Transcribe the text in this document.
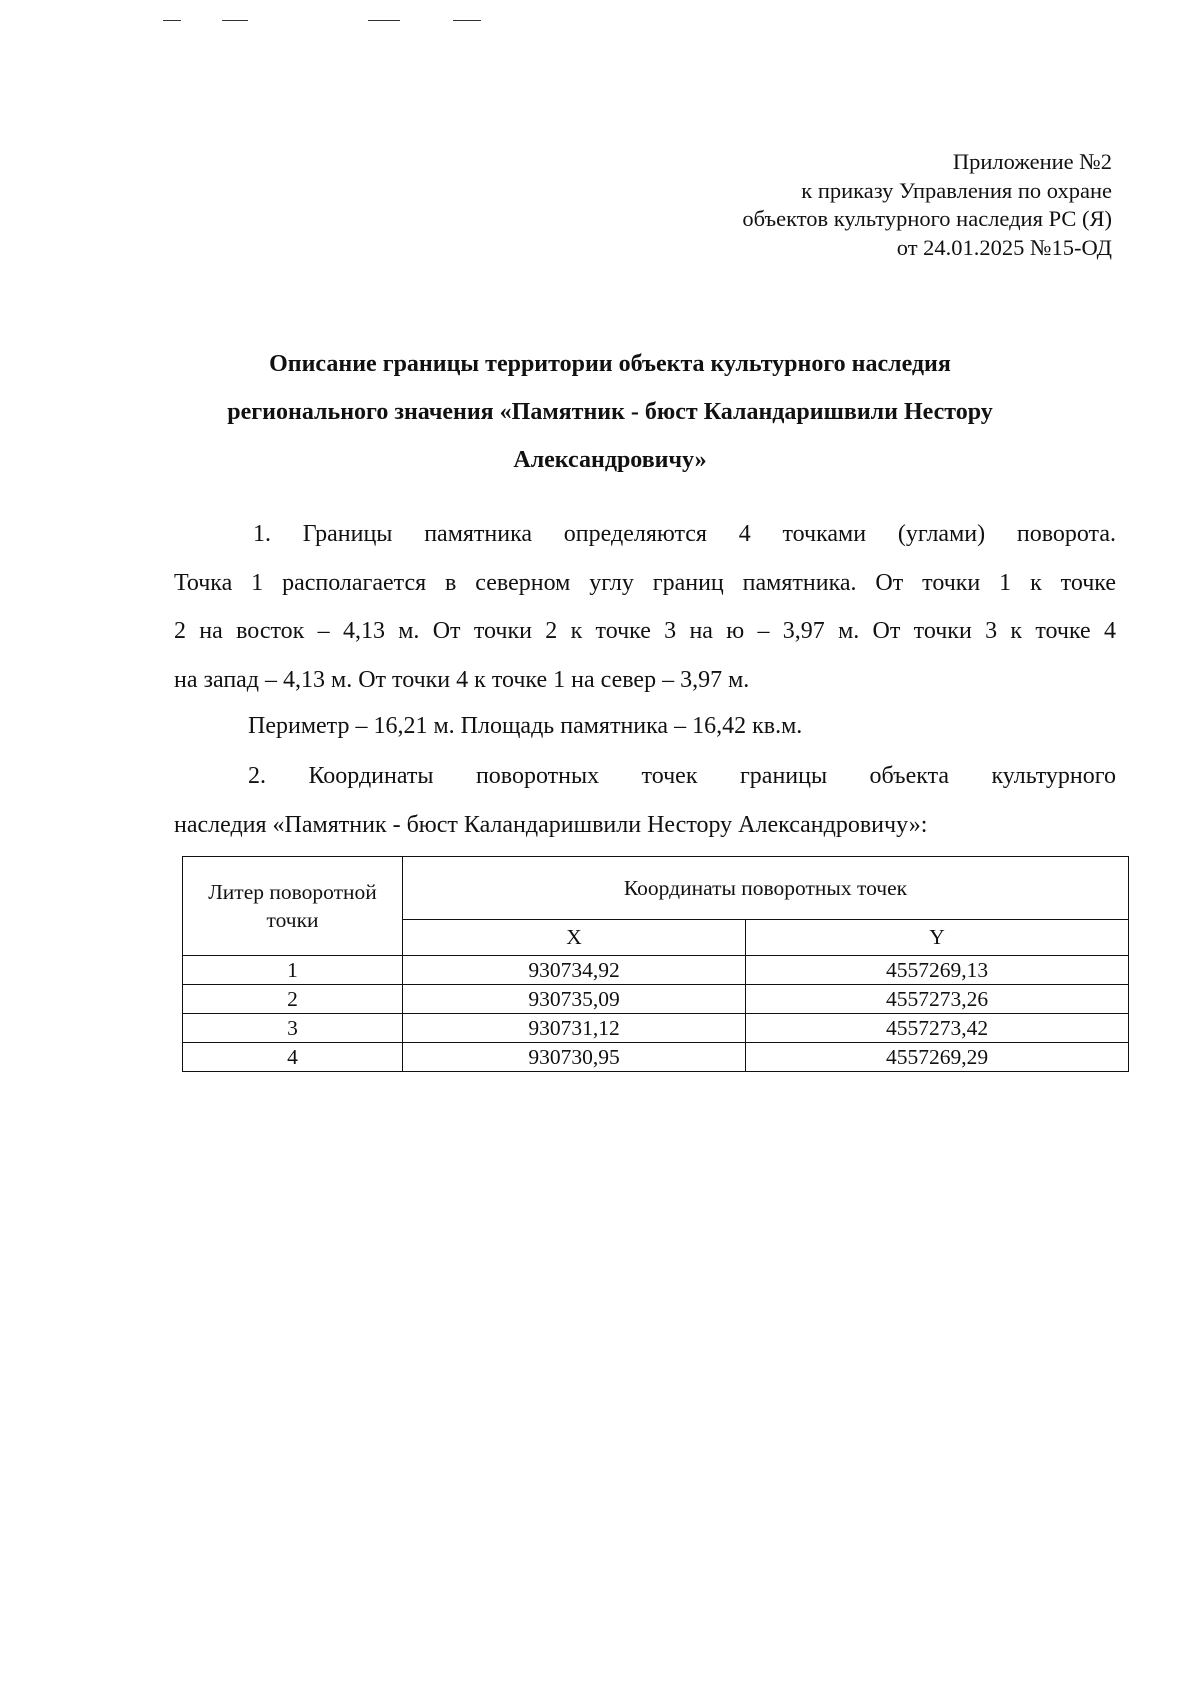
Приложение №2
к приказу Управления по охране
объектов культурного наследия РС (Я)
от 24.01.2025 №15-ОД
Описание границы территории объекта культурного наследия
регионального значения «Памятник - бюст Каландаришвили Нестору
Александровичу»
1. Границы памятника определяются 4 точками (углами) поворота.
Точка 1 располагается в северном углу границ памятника. От точки 1 к точке
2 на восток – 4,13 м. От точки 2 к точке 3 на ю – 3,97 м. От точки 3 к точке 4
на запад – 4,13 м. От точки 4 к точке 1 на север – 3,97 м.
Периметр – 16,21 м. Площадь памятника – 16,42 кв.м.
2. Координаты поворотных точек границы объекта культурного
наследия «Памятник - бюст Каландаришвили Нестору Александровичу»:
Литер поворотной точки	Координаты поворотных точек	
	X	Y
1	930734,92	4557269,13
2	930735,09	4557273,26
3	930731,12	4557273,42
4	930730,95	4557269,29
